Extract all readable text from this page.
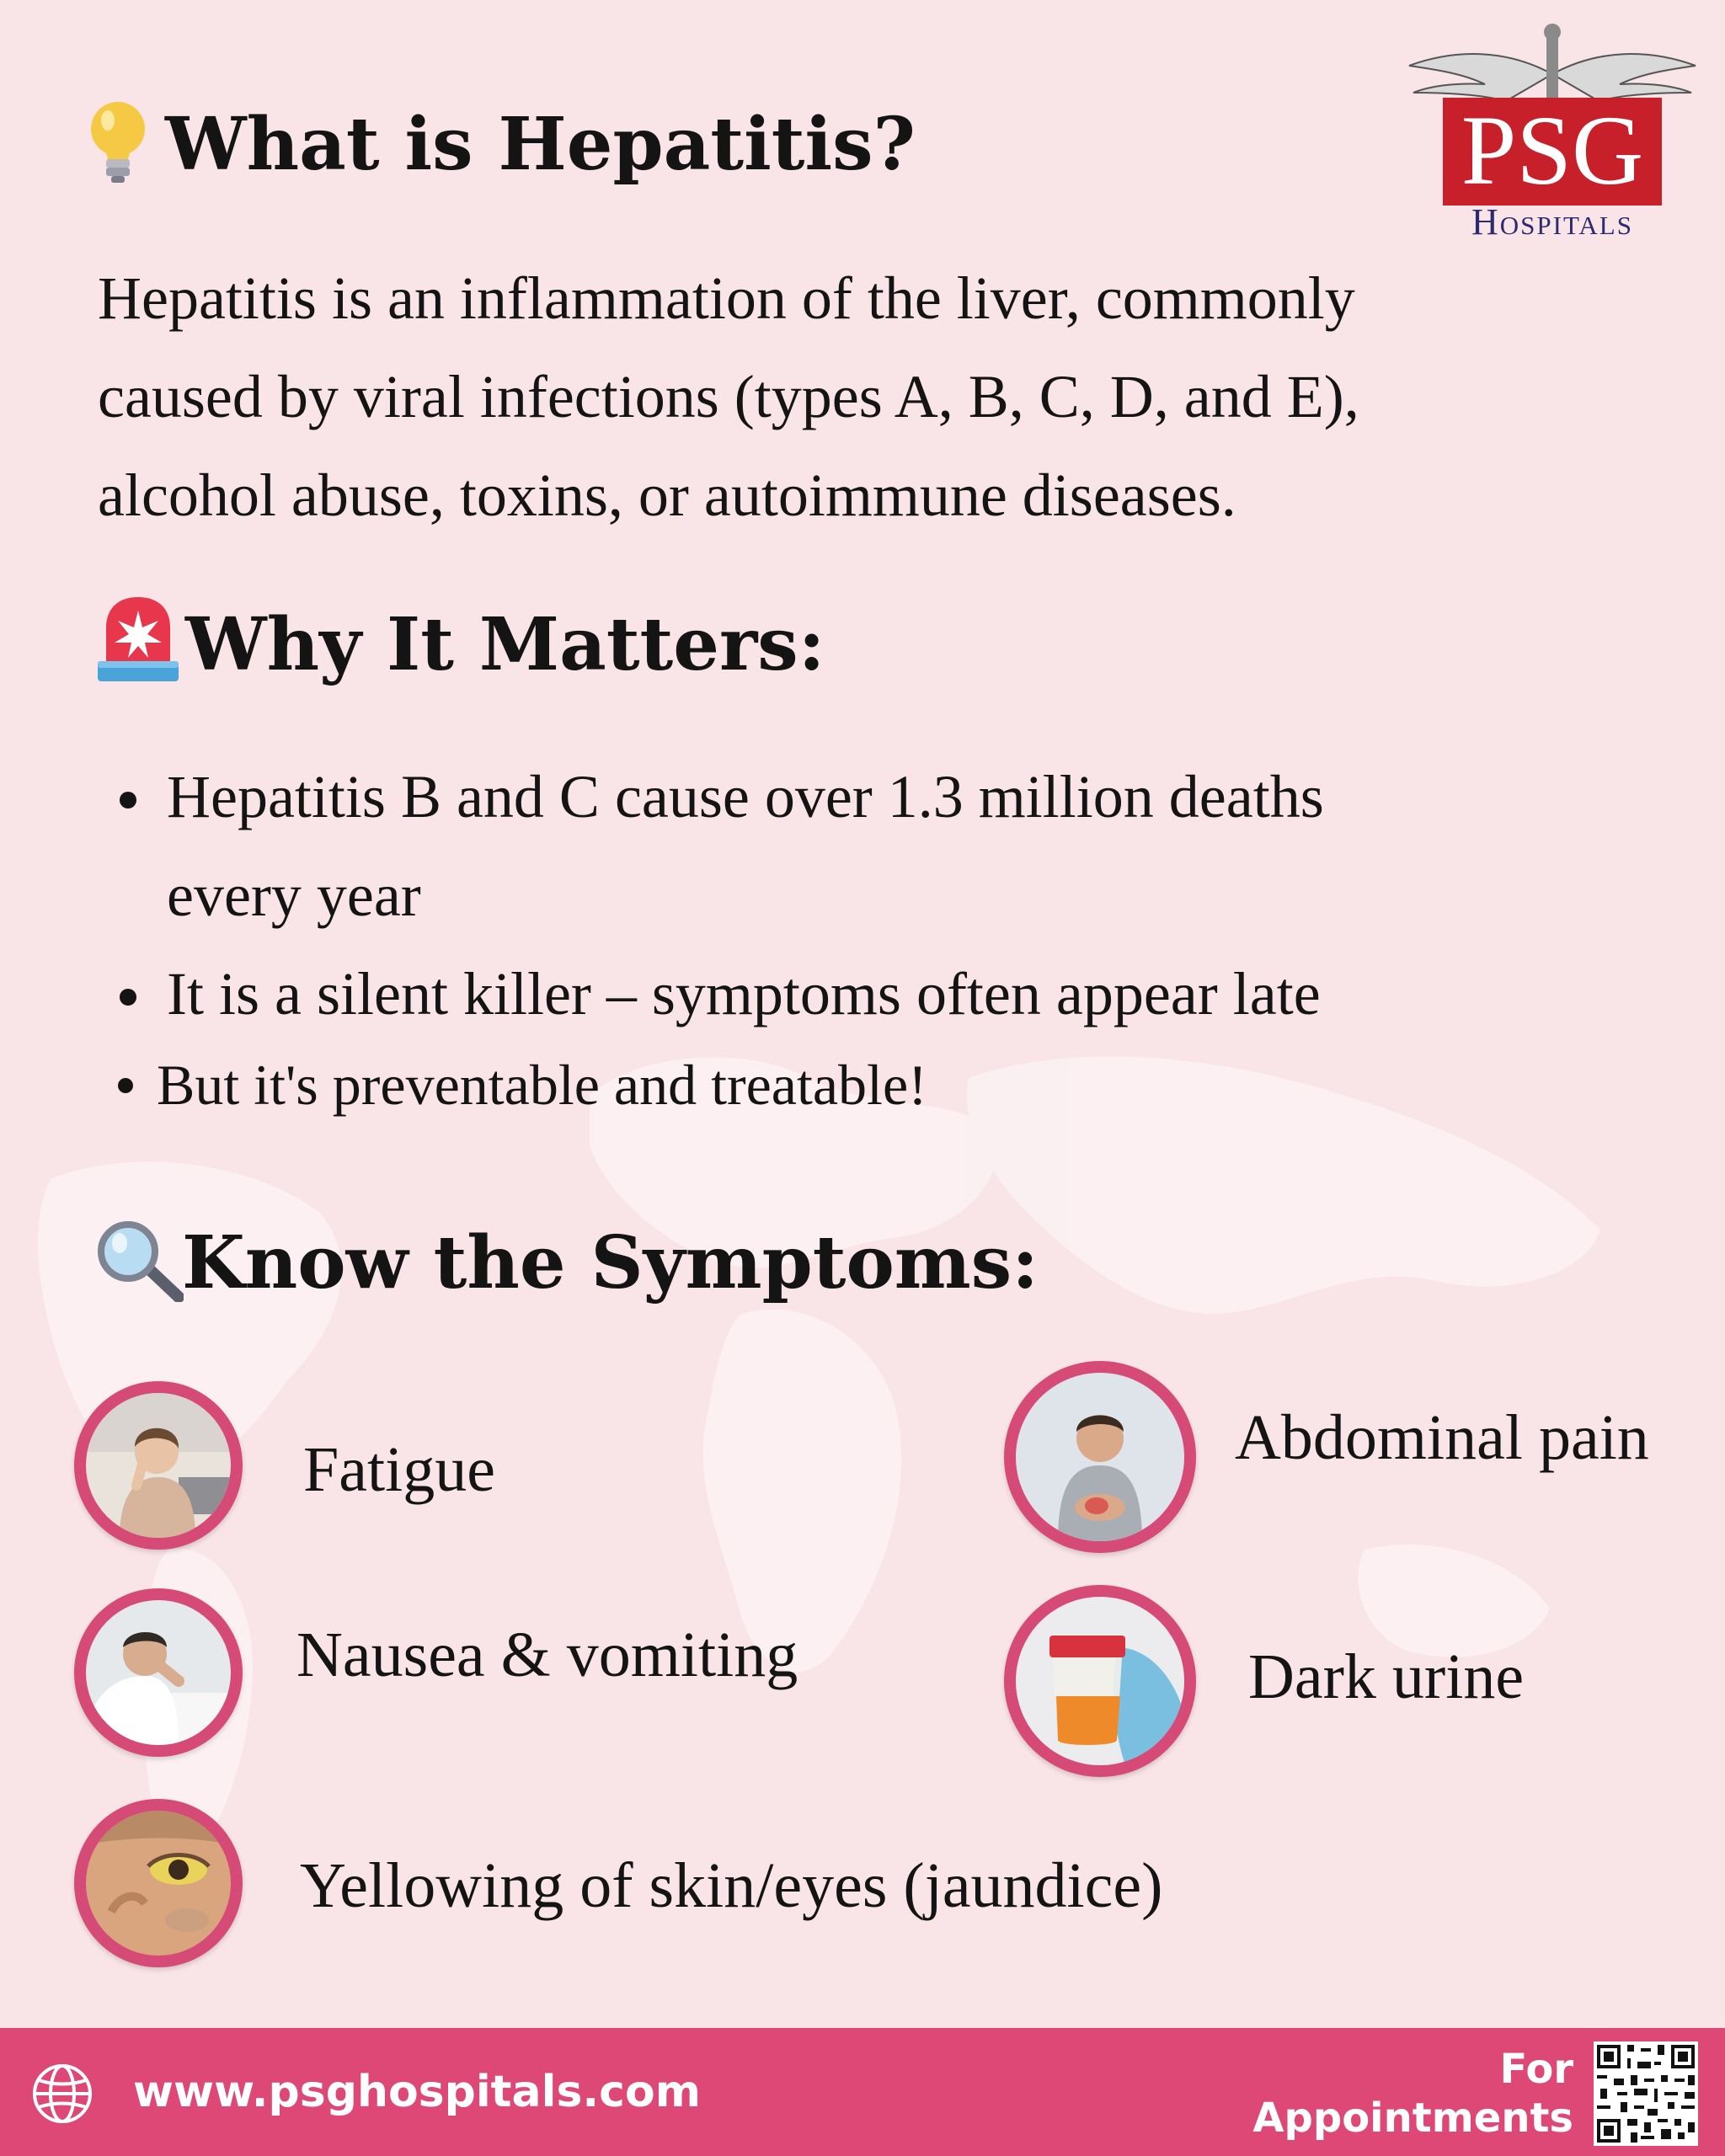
PSG
Hospitals
What is Hepatitis?
Hepatitis is an inflammation of the liver, commonly
caused by viral infections (types A, B, C, D, and E),
alcohol abuse, toxins, or autoimmune diseases.
Why It Matters:
Hepatitis B and C cause over 1.3 million deaths
every year
It is a silent killer – symptoms often appear late
But it's preventable and treatable!
Know the Symptoms:
Fatigue	Abdominal pain
Nausea & vomiting	Dark urine
Yellowing of skin/eyes (jaundice)
www.psghospitals.com	For
Appointments
